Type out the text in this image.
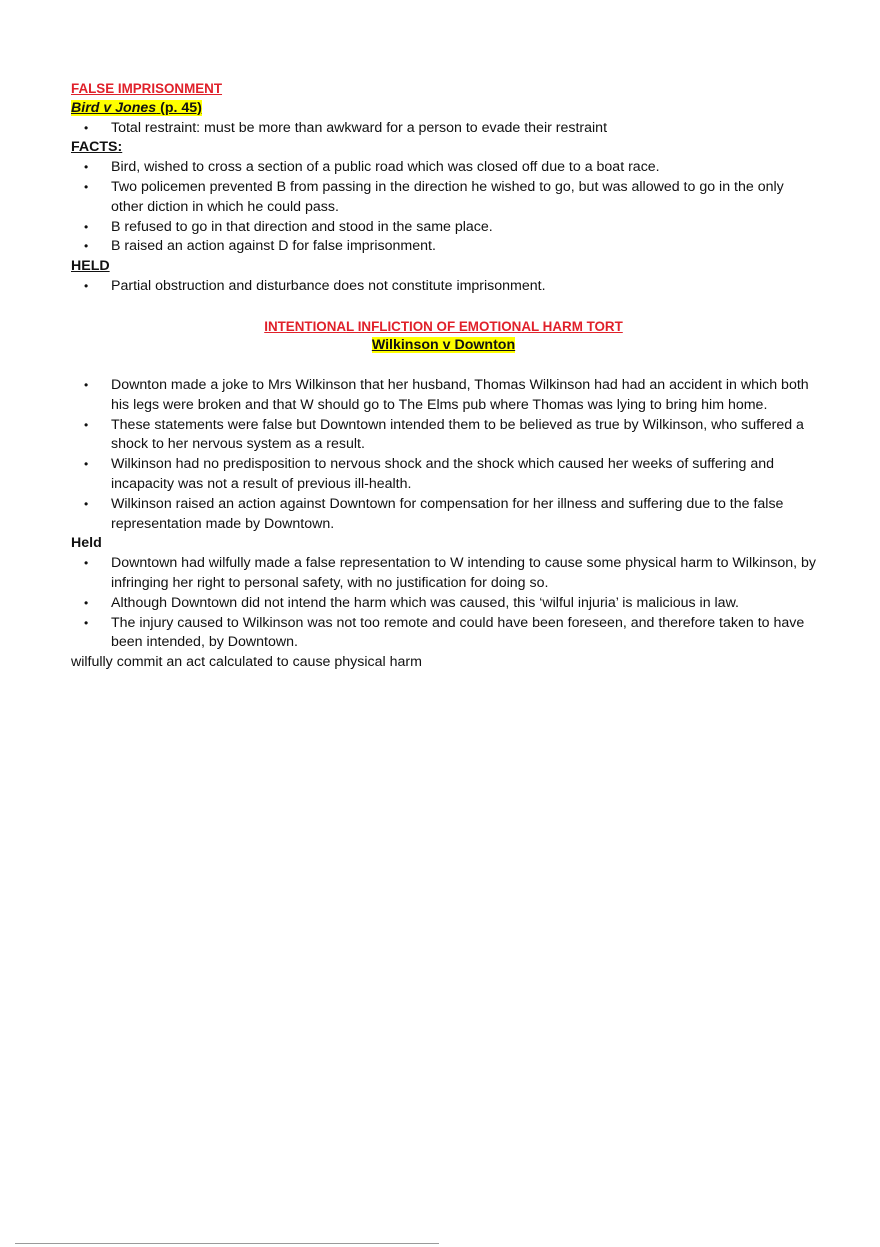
FALSE IMPRISONMENT
Bird v Jones (p. 45)
• Total restraint: must be more than awkward for a person to evade their restraint
FACTS:
• Bird, wished to cross a section of a public road which was closed off due to a boat race.
• Two policemen prevented B from passing in the direction he wished to go, but was allowed to go in the only other diction in which he could pass.
• B refused to go in that direction and stood in the same place.
• B raised an action against D for false imprisonment.
HELD
• Partial obstruction and disturbance does not constitute imprisonment.
INTENTIONAL INFLICTION OF EMOTIONAL HARM TORT
Wilkinson v Downton
• Downton made a joke to Mrs Wilkinson that her husband, Thomas Wilkinson had had an accident in which both his legs were broken and that W should go to The Elms pub where Thomas was lying to bring him home.
• These statements were false but Downtown intended them to be believed as true by Wilkinson, who suffered a shock to her nervous system as a result.
• Wilkinson had no predisposition to nervous shock and the shock which caused her weeks of suffering and incapacity was not a result of previous ill-health.
• Wilkinson raised an action against Downtown for compensation for her illness and suffering due to the false representation made by Downtown.
Held
• Downtown had wilfully made a false representation to W intending to cause some physical harm to Wilkinson, by infringing her right to personal safety, with no justification for doing so.
• Although Downtown did not intend the harm which was caused, this ‘wilful injuria’ is malicious in law.
• The injury caused to Wilkinson was not too remote and could have been foreseen, and therefore taken to have been intended, by Downtown.
wilfully commit an act calculated to cause physical harm
